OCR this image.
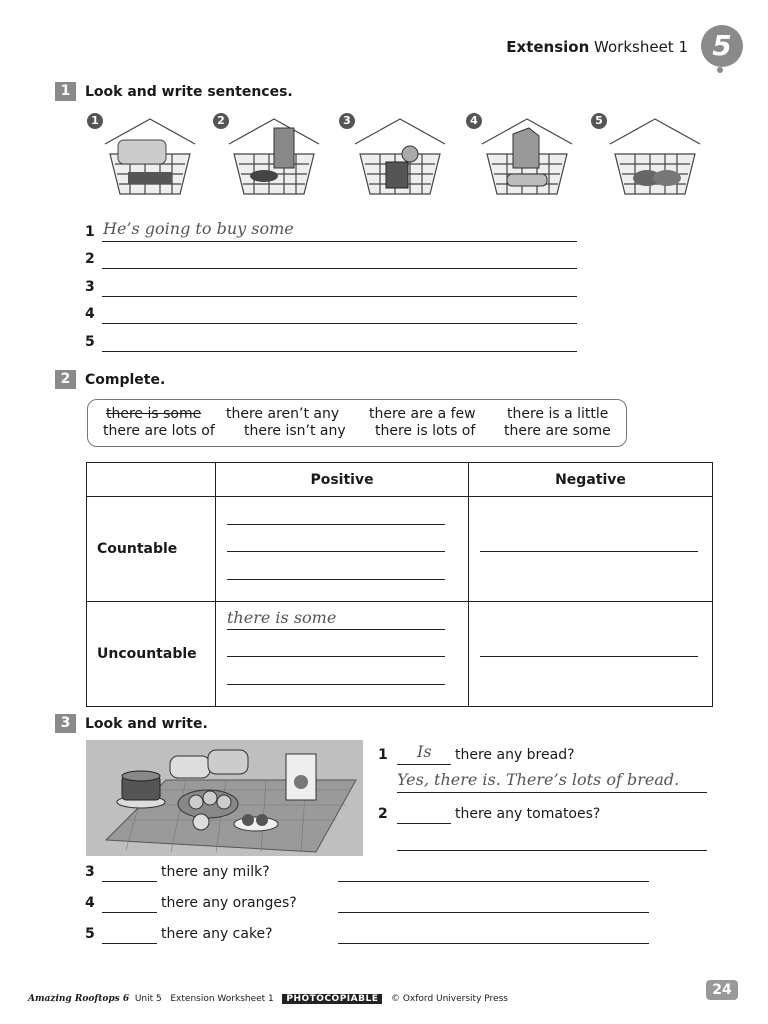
Extension Worksheet 1 5
1	Look and write sentences.
1	2	3	4	5
1 He’s going to buy some
2
3
4
5
2	Complete.
there is some there aren’t any there are a few there is a little
there are lots of there isn’t any there is lots of there are some
	Positive	Negative
Countable	

Uncountable	there is some	

3	Look and write.
1 Is there any bread?
Yes, there is. There’s lots of bread.
2	there any tomatoes?
3	there any milk?
4	there any oranges?
5	there any cake?
Amazing Rooftops 6 Unit 5 Extension Worksheet 1 PHOTOCOPIABLE © Oxford University Press
24
